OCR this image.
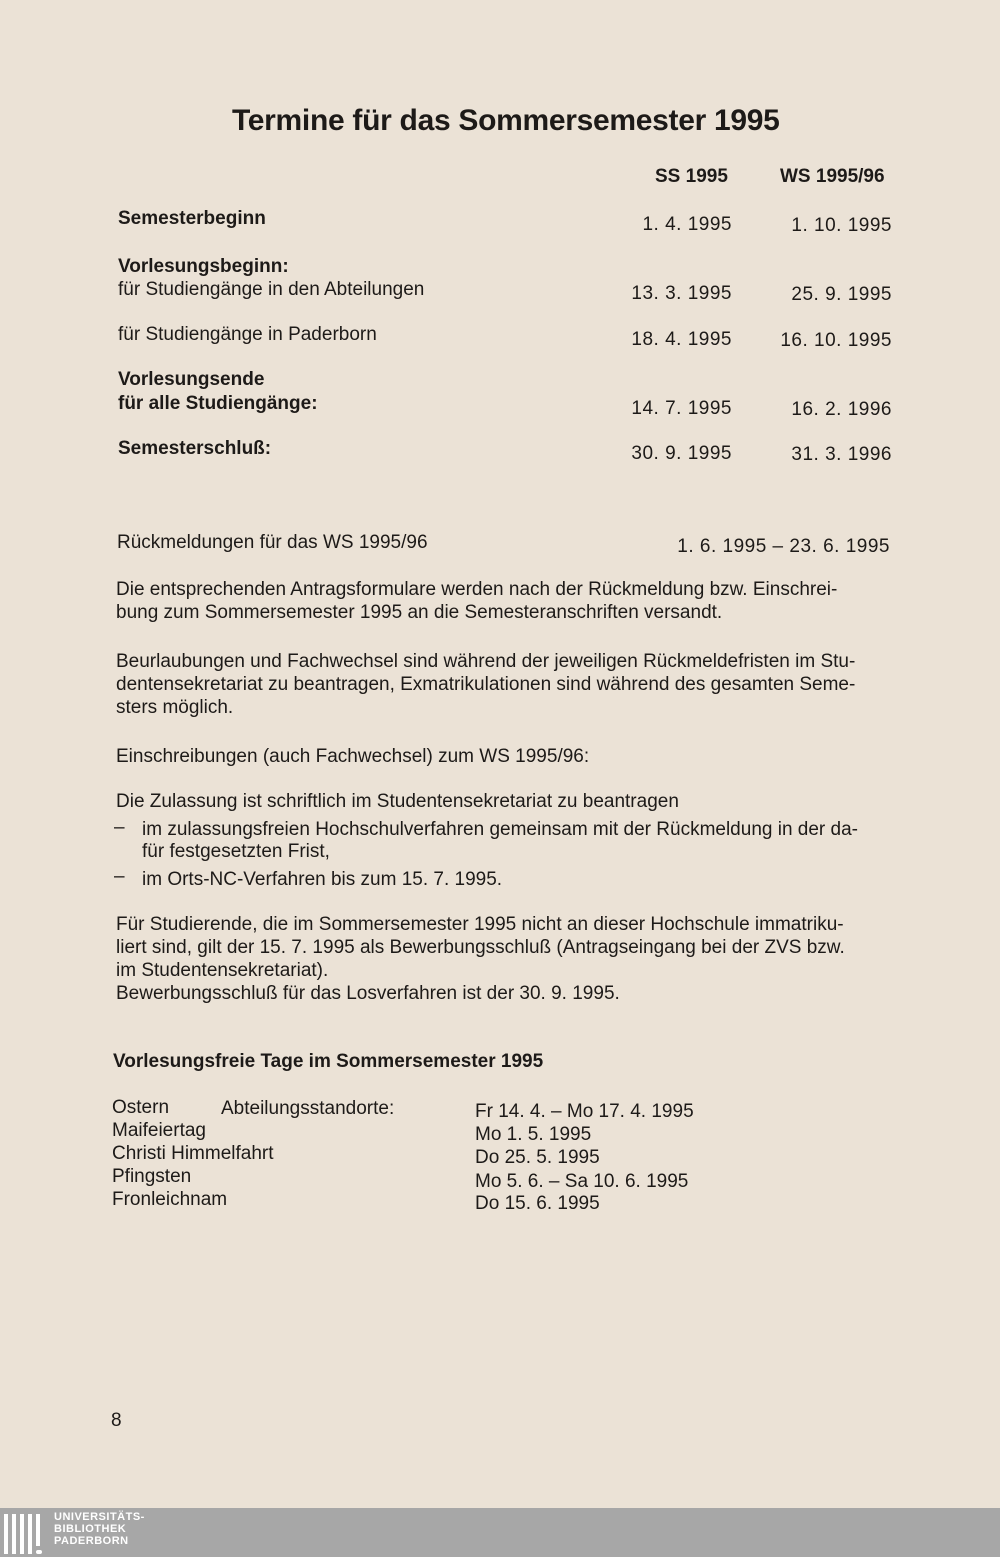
Termine für das Sommersemester 1995
SS 1995	WS 1995/96
Semesterbeginn	1. 4. 1995	1. 10. 1995
Vorlesungsbeginn:
für Studiengänge in den Abteilungen	13. 3. 1995	25. 9. 1995
für Studiengänge in Paderborn	18. 4. 1995	16. 10. 1995
Vorlesungsende
für alle Studiengänge:	14. 7. 1995	16. 2. 1996
Semesterschluß:	30. 9. 1995	31. 3. 1996
Rückmeldungen für das WS 1995/96	1. 6. 1995 – 23. 6. 1995
Die entsprechenden Antragsformulare werden nach der Rückmeldung bzw. Einschrei-
bung zum Sommersemester 1995 an die Semesteranschriften versandt.
Beurlaubungen und Fachwechsel sind während der jeweiligen Rückmeldefristen im Stu-
dentensekretariat zu beantragen, Exmatrikulationen sind während des gesamten Seme-
sters möglich.
Einschreibungen (auch Fachwechsel) zum WS 1995/96:
Die Zulassung ist schriftlich im Studentensekretariat zu beantragen
– im zulassungsfreien Hochschulverfahren gemeinsam mit der Rückmeldung in der da-
für festgesetzten Frist,
– im Orts-NC-Verfahren bis zum 15. 7. 1995.
Für Studierende, die im Sommersemester 1995 nicht an dieser Hochschule immatriku-
liert sind, gilt der 15. 7. 1995 als Bewerbungsschluß (Antragseingang bei der ZVS bzw.
im Studentensekretariat).
Bewerbungsschluß für das Losverfahren ist der 30. 9. 1995.
Vorlesungsfreie Tage im Sommersemester 1995
Ostern	Abteilungsstandorte:	Fr 14. 4. – Mo 17. 4. 1995
Maifeiertag	Mo 1. 5. 1995
Christi Himmelfahrt	Do 25. 5. 1995
Pfingsten	Mo 5. 6. – Sa 10. 6. 1995
Fronleichnam	Do 15. 6. 1995
8
UNIVERSITÄTS-
BIBLIOTHEK
PADERBORN
